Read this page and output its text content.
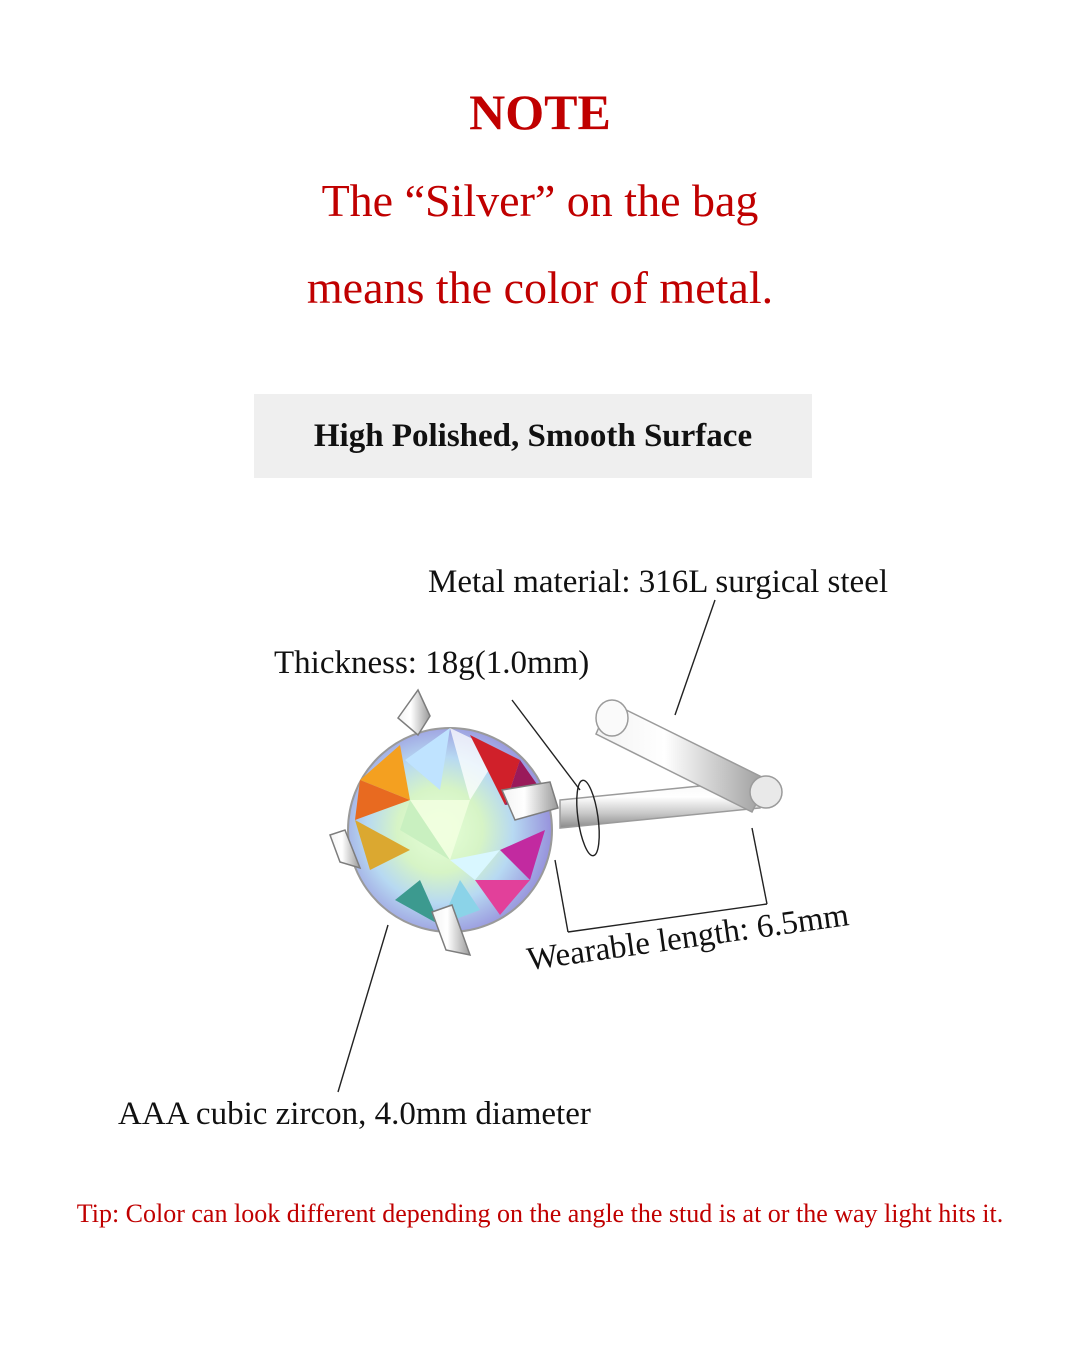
NOTE
The “Silver” on the bag
means the color of metal.
High Polished, Smooth Surface
Metal material: 316L surgical steel
Thickness: 18g(1.0mm)
Wearable length: 6.5mm
AAA cubic zircon, 4.0mm diameter
Tip: Color can look different depending on the angle the stud is at or the way light hits it.
